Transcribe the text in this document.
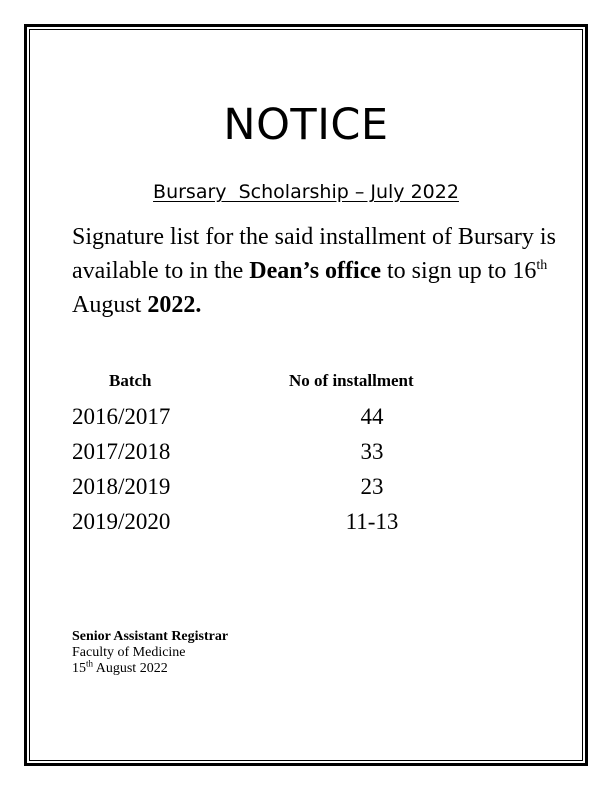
NOTICE
Bursary  Scholarship – July 2022
Signature list for the said installment of Bursary is available to in the Dean’s office to sign up to 16th August 2022.
Batch	No of installment
2016/2017	44
2017/2018	33
2018/2019	23
2019/2020	11-13
Senior Assistant Registrar
Faculty of Medicine
15th August 2022
